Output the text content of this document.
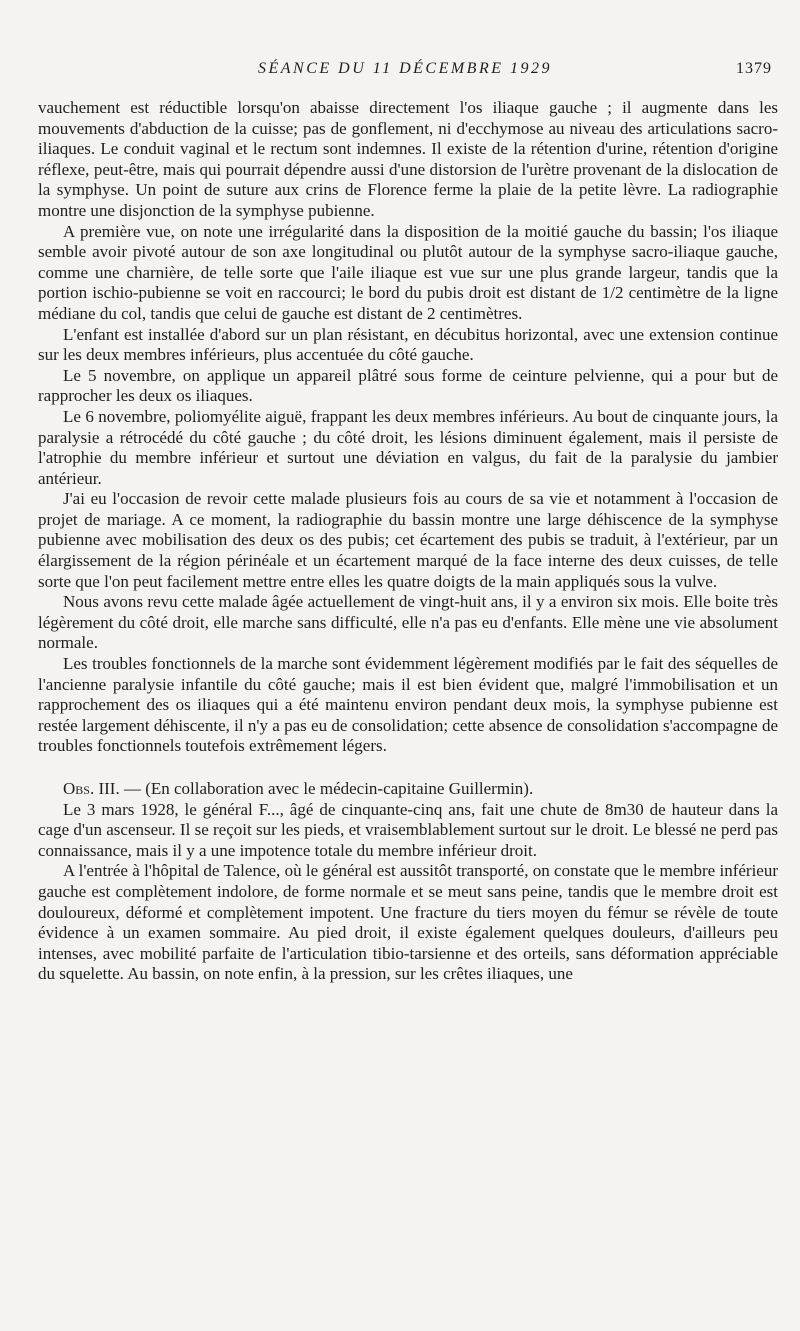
SÉANCE DU 11 DÉCEMBRE 1929	1379

vauchement est réductible lorsqu'on abaisse directement l'os iliaque gauche ; il augmente dans les mouvements d'abduction de la cuisse; pas de gonflement, ni d'ecchymose au niveau des articulations sacro-iliaques. Le conduit vaginal et le rectum sont indemnes. Il existe de la rétention d'urine, rétention d'origine réflexe, peut-être, mais qui pourrait dépendre aussi d'une distorsion de l'urètre provenant de la dislocation de la symphyse. Un point de suture aux crins de Florence ferme la plaie de la petite lèvre. La radiographie montre une disjonction de la symphyse pubienne.

A première vue, on note une irrégularité dans la disposition de la moitié gauche du bassin; l'os iliaque semble avoir pivoté autour de son axe longitudinal ou plutôt autour de la symphyse sacro-iliaque gauche, comme une charnière, de telle sorte que l'aile iliaque est vue sur une plus grande largeur, tandis que la portion ischio-pubienne se voit en raccourci; le bord du pubis droit est distant de 1/2 centimètre de la ligne médiane du col, tandis que celui de gauche est distant de 2 centimètres.

L'enfant est installée d'abord sur un plan résistant, en décubitus horizontal, avec une extension continue sur les deux membres inférieurs, plus accentuée du côté gauche.

Le 5 novembre, on applique un appareil plâtré sous forme de ceinture pelvienne, qui a pour but de rapprocher les deux os iliaques.

Le 6 novembre, poliomyélite aiguë, frappant les deux membres inférieurs. Au bout de cinquante jours, la paralysie a rétrocédé du côté gauche ; du côté droit, les lésions diminuent également, mais il persiste de l'atrophie du membre inférieur et surtout une déviation en valgus, du fait de la paralysie du jambier antérieur.

J'ai eu l'occasion de revoir cette malade plusieurs fois au cours de sa vie et notamment à l'occasion de projet de mariage. A ce moment, la radiographie du bassin montre une large déhiscence de la symphyse pubienne avec mobilisation des deux os des pubis; cet écartement des pubis se traduit, à l'extérieur, par un élargissement de la région périnéale et un écartement marqué de la face interne des deux cuisses, de telle sorte que l'on peut facilement mettre entre elles les quatre doigts de la main appliqués sous la vulve.

Nous avons revu cette malade âgée actuellement de vingt-huit ans, il y a environ six mois. Elle boite très légèrement du côté droit, elle marche sans difficulté, elle n'a pas eu d'enfants. Elle mène une vie absolument normale.

Les troubles fonctionnels de la marche sont évidemment légèrement modifiés par le fait des séquelles de l'ancienne paralysie infantile du côté gauche; mais il est bien évident que, malgré l'immobilisation et un rapprochement des os iliaques qui a été maintenu environ pendant deux mois, la symphyse pubienne est restée largement déhiscente, il n'y a pas eu de consolidation; cette absence de consolidation s'accompagne de troubles fonctionnels toutefois extrêmement légers.

Obs. III. — (En collaboration avec le médecin-capitaine Guillermin).

Le 3 mars 1928, le général F..., âgé de cinquante-cinq ans, fait une chute de 8m30 de hauteur dans la cage d'un ascenseur. Il se reçoit sur les pieds, et vraisemblablement surtout sur le droit. Le blessé ne perd pas connaissance, mais il y a une impotence totale du membre inférieur droit.

A l'entrée à l'hôpital de Talence, où le général est aussitôt transporté, on constate que le membre inférieur gauche est complètement indolore, de forme normale et se meut sans peine, tandis que le membre droit est douloureux, déformé et complètement impotent. Une fracture du tiers moyen du fémur se révèle de toute évidence à un examen sommaire. Au pied droit, il existe également quelques douleurs, d'ailleurs peu intenses, avec mobilité parfaite de l'articulation tibio-tarsienne et des orteils, sans déformation appréciable du squelette. Au bassin, on note enfin, à la pression, sur les crêtes iliaques, une
